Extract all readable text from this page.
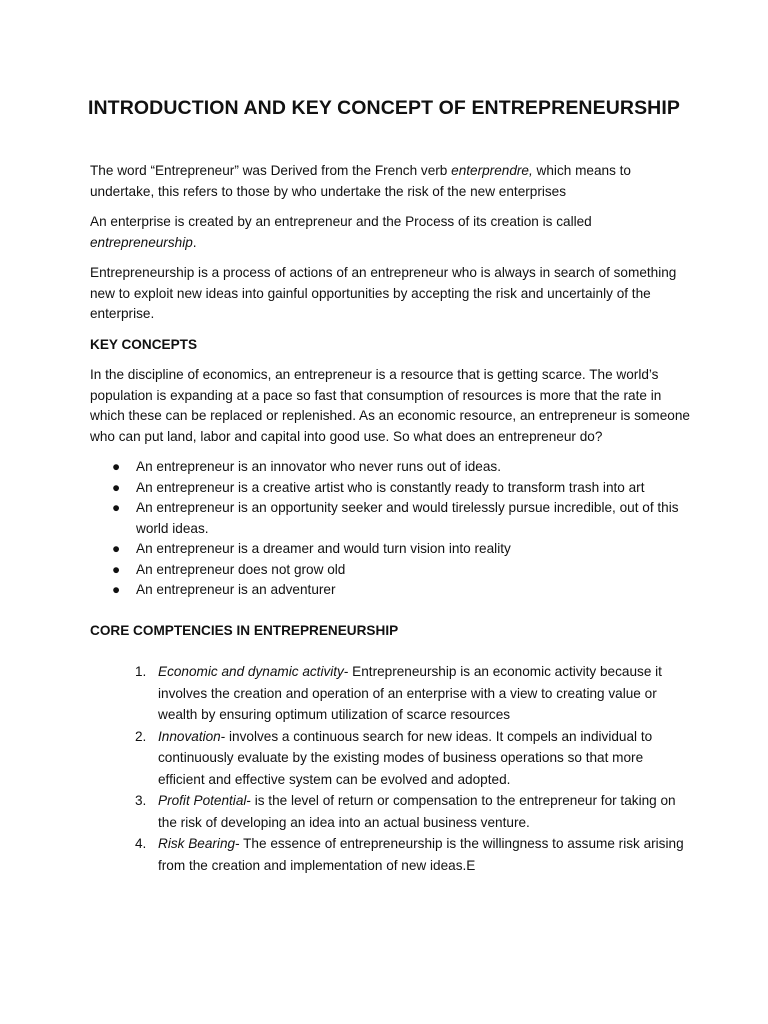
INTRODUCTION AND KEY CONCEPT OF ENTREPRENEURSHIP

The word “Entrepreneur” was Derived from the French verb enterprendre, which means to undertake, this refers to those by who undertake the risk of the new enterprises

An enterprise is created by an entrepreneur and the Process of its creation is called
entrepreneurship.

Entrepreneurship is a process of actions of an entrepreneur who is always in search of something new to exploit new ideas into gainful opportunities by accepting the risk and uncertainly of the enterprise.

KEY CONCEPTS

In the discipline of economics, an entrepreneur is a resource that is getting scarce. The world’s population is expanding at a pace so fast that consumption of resources is more that the rate in which these can be replaced or replenished. As an economic resource, an entrepreneur is someone who can put land, labor and capital into good use. So what does an entrepreneur do?

● An entrepreneur is an innovator who never runs out of ideas.
● An entrepreneur is a creative artist who is constantly ready to transform trash into art
● An entrepreneur is an opportunity seeker and would tirelessly pursue incredible, out of this world ideas.
● An entrepreneur is a dreamer and would turn vision into reality
● An entrepreneur does not grow old
● An entrepreneur is an adventurer
CORE COMPTENCIES IN ENTREPRENEURSHIP
1. Economic and dynamic activity- Entrepreneurship is an economic activity because it involves the creation and operation of an enterprise with a view to creating value or wealth by ensuring optimum utilization of scarce resources
2. Innovation- involves a continuous search for new ideas. It compels an individual to continuously evaluate by the existing modes of business operations so that more efficient and effective system can be evolved and adopted.
3. Profit Potential- is the level of return or compensation to the entrepreneur for taking on the risk of developing an idea into an actual business venture.
4. Risk Bearing- The essence of entrepreneurship is the willingness to assume risk arising from the creation and implementation of new ideas.E
